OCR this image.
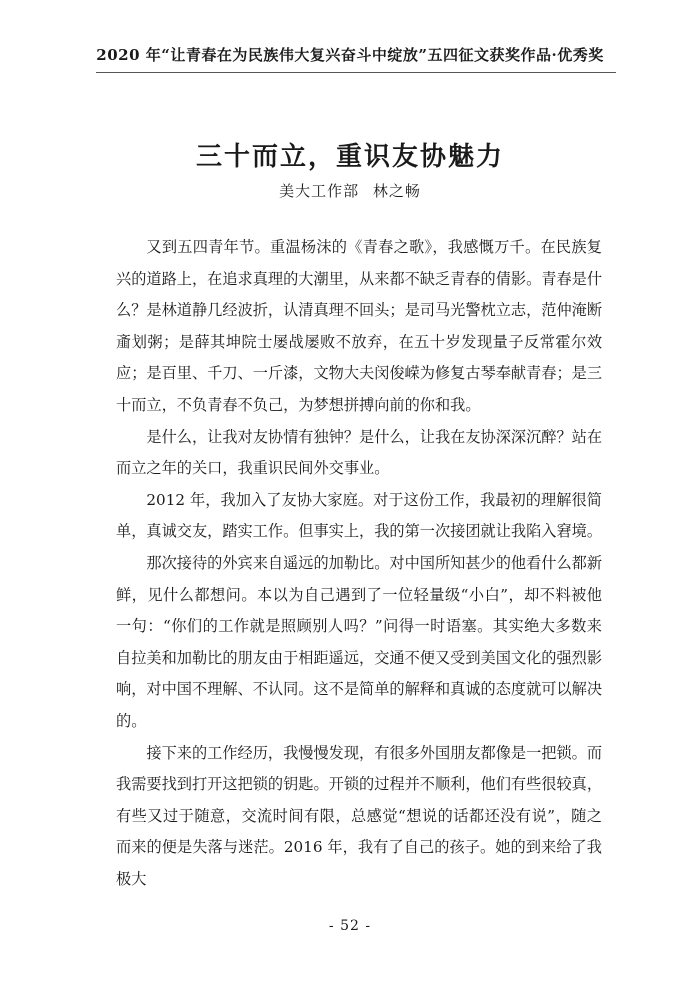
2020 年“让青春在为民族伟大复兴奋斗中绽放”五四征文获奖作品·优秀奖
三十而立，重识友协魅力
美大工作部 林之畅

又到五四青年节。重温杨沫的《青春之歌》，我感慨万千。在民族复兴的道路上，在追求真理的大潮里，从来都不缺乏青春的倩影。青春是什么？是林道静几经波折，认清真理不回头；是司马光警枕立志，范仲淹断齑划粥；是薛其坤院士屡战屡败不放弃，在五十岁发现量子反常霍尔效应；是百里、千刀、一斤漆，文物大夫闵俊嵘为修复古琴奉献青春；是三十而立，不负青春不负己，为梦想拼搏向前的你和我。

是什么，让我对友协情有独钟？是什么，让我在友协深深沉醉？站在而立之年的关口，我重识民间外交事业。

2012 年，我加入了友协大家庭。对于这份工作，我最初的理解很简单，真诚交友，踏实工作。但事实上，我的第一次接团就让我陷入窘境。

那次接待的外宾来自遥远的加勒比。对中国所知甚少的他看什么都新鲜，见什么都想问。本以为自己遇到了一位轻量级“小白”，却不料被他一句：“你们的工作就是照顾别人吗？”问得一时语塞。其实绝大多数来自拉美和加勒比的朋友由于相距遥远，交通不便又受到美国文化的强烈影响，对中国不理解、不认同。这不是简单的解释和真诚的态度就可以解决的。

接下来的工作经历，我慢慢发现，有很多外国朋友都像是一把锁。而我需要找到打开这把锁的钥匙。开锁的过程并不顺利，他们有些很较真，有些又过于随意，交流时间有限，总感觉“想说的话都还没有说”，随之而来的便是失落与迷茫。2016 年，我有了自己的孩子。她的到来给了我极大

- 52 -
